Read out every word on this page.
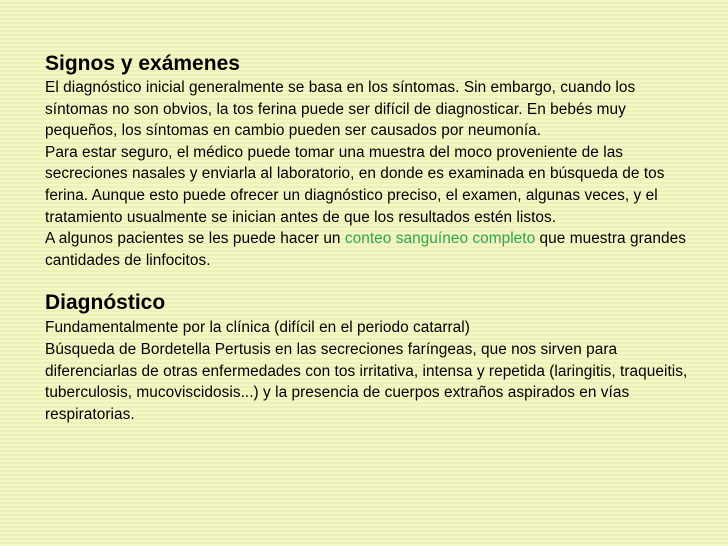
Signos y exámenes

El diagnóstico inicial generalmente se basa en los síntomas. Sin embargo, cuando los síntomas no son obvios, la tos ferina puede ser difícil de diagnosticar. En bebés muy pequeños, los síntomas en cambio pueden ser causados por neumonía.

Para estar seguro, el médico puede tomar una muestra del moco proveniente de las secreciones nasales y enviarla al laboratorio, en donde es examinada en búsqueda de tos ferina. Aunque esto puede ofrecer un diagnóstico preciso, el examen, algunas veces, y el tratamiento usualmente se inician antes de que los resultados estén listos.

A algunos pacientes se les puede hacer un conteo sanguíneo completo que muestra grandes cantidades de linfocitos.

Diagnóstico

Fundamentalmente por la clínica (difícil en el periodo catarral)

Búsqueda de Bordetella Pertusis en las secreciones faríngeas, que nos sirven para diferenciarlas de otras enfermedades con tos irritativa, intensa y repetida (laringitis, traqueitis, tuberculosis, mucoviscidosis...) y la presencia de cuerpos extraños aspirados en vías respiratorias.
